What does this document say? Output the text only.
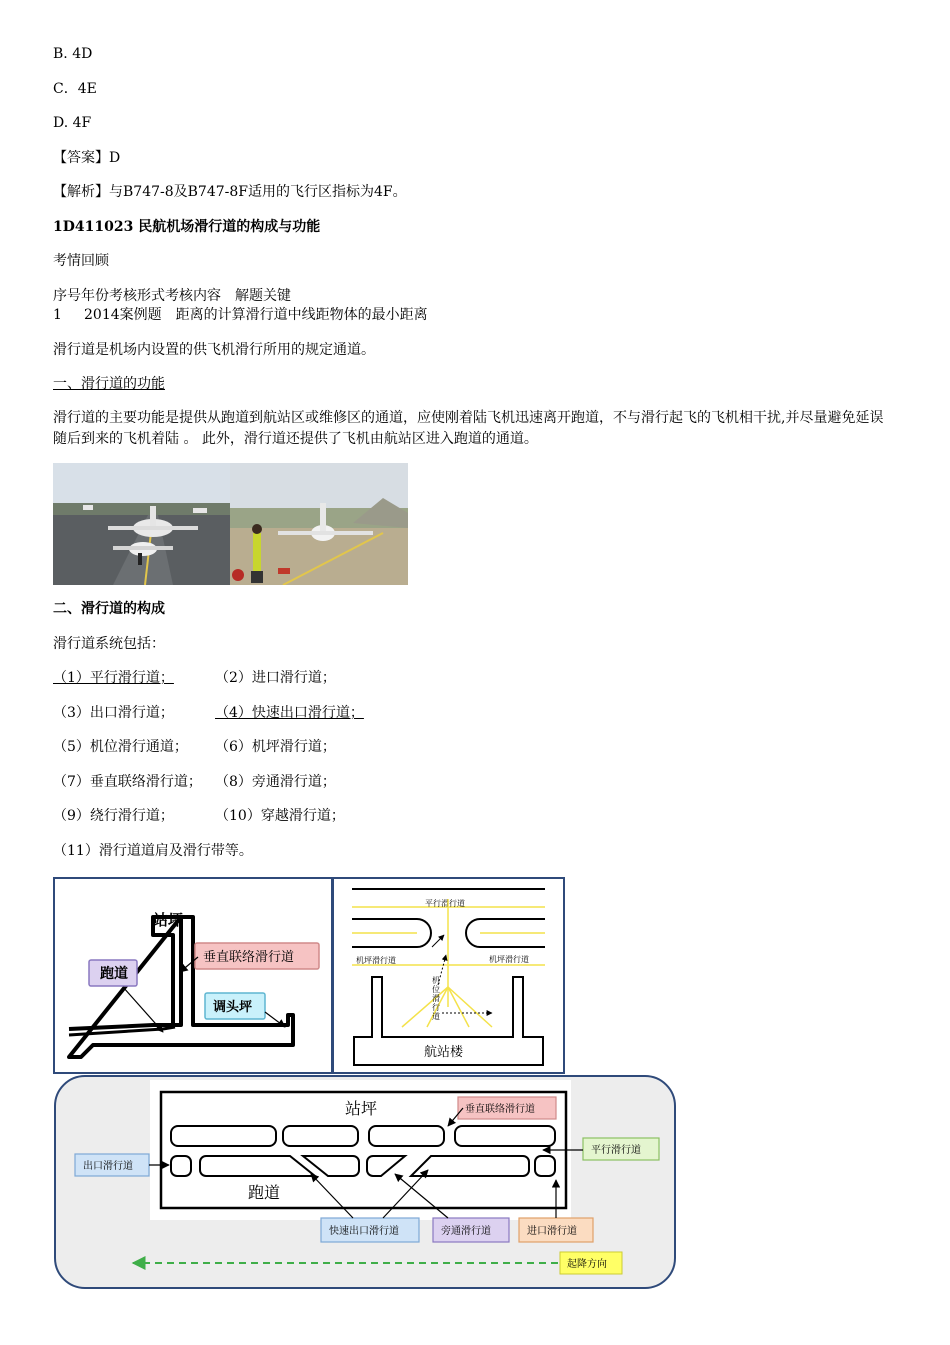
B. 4D
C．4E
D. 4F
【答案】D
【解析】与B747-8及B747-8F适用的飞行区指标为4F。
1D411023 民航机场滑行道的构成与功能
考情回顾
序号年份考核形式考核内容　解题关键
1 2014案例题　距离的计算滑行道中线距物体的最小距离
滑行道是机场内设置的供飞机滑行所用的规定通道。
一、滑行道的功能
滑行道的主要功能是提供从跑道到航站区或维修区的通道，应使刚着陆飞机迅速离开跑道，不与滑行起飞的飞机相干扰,并尽量避免延误随后到来的飞机着陆 。 此外，滑行道还提供了飞机由航站区进入跑道的通道。
二、滑行道的构成
滑行道系统包括：
（1）平行滑行道；	（2）进口滑行道；
（3）出口滑行道；	（4）快速出口滑行道；
（5）机位滑行通道； （6）机坪滑行道；
（7）垂直联络滑行道； （8）旁通滑行道；
（9）绕行滑行道；	（10）穿越滑行道；
（11）滑行道道肩及滑行带等。
站坪
跑道
垂直联络滑行道
调头坪
平行滑行道
机坪滑行道	机坪滑行道
机
位
滑
行
道
航站楼
站坪
跑道
垂直联络滑行道
平行滑行道
出口滑行道
快速出口滑行道	旁通滑行道	进口滑行道
起降方向
